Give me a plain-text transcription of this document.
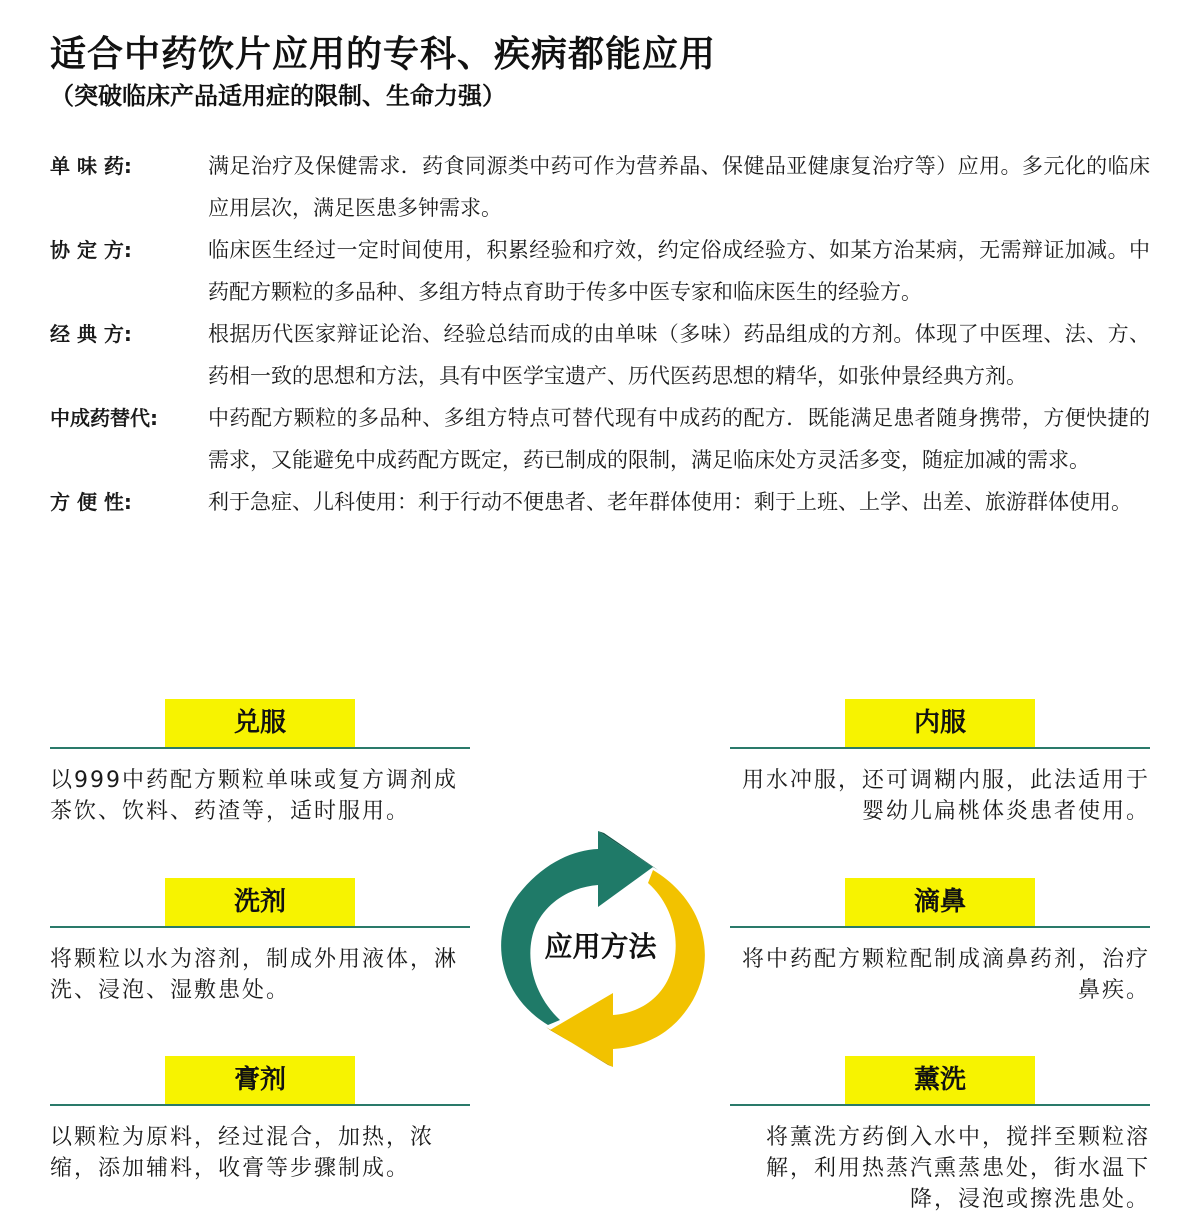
适合中药饮片应用的专科、疾病都能应用
（突破临床产品适用症的限制、生命力强）
单 味 药:	满足治疗及保健需求．药食同源类中药可作为营养晶、保健品亚健康复治疗等）应用。多元化的临床应用层次，满足医患多钟需求。
协 定 方:	临床医生经过一定时间使用，积累经验和疗效，约定俗成经验方、如某方治某病，无需辩证加减。中药配方颗粒的多品种、多组方特点育助于传多中医专家和临床医生的经验方。
经 典 方:	根据历代医家辩证论治、经验总结而成的由单味（多味）药品组成的方剂。体现了中医理、法、方、药相一致的思想和方法，具有中医学宝遗产、历代医药思想的精华，如张仲景经典方剂。
中成药替代:	中药配方颗粒的多品种、多组方特点可替代现有中成药的配方．既能满足患者随身携带，方便快捷的需求，又能避免中成药配方既定，药已制成的限制，满足临床处方灵活多变，随症加减的需求。
方 便 性:	利于急症、儿科使用：利于行动不便患者、老年群体使用：剩于上班、上学、出差、旅游群体使用。
兑服
以999中药配方颗粒单味或复方调剂成茶饮、饮料、药渣等，适时服用。
洗剂
将颗粒以水为溶剂，制成外用液体，淋洗、浸泡、湿敷患处。
膏剂
以颗粒为原料，经过混合，加热，浓缩，添加辅料，收膏等步骤制成。
内服
用水冲服，还可调糊内服，此法适用于婴幼儿扁桃体炎患者使用。
滴鼻
将中药配方颗粒配制成滴鼻药剂，治疗鼻疾。
薰洗
将薰洗方药倒入水中，搅拌至颗粒溶解，利用热蒸汽熏蒸患处，街水温下降，浸泡或擦洗患处。
应用方法
